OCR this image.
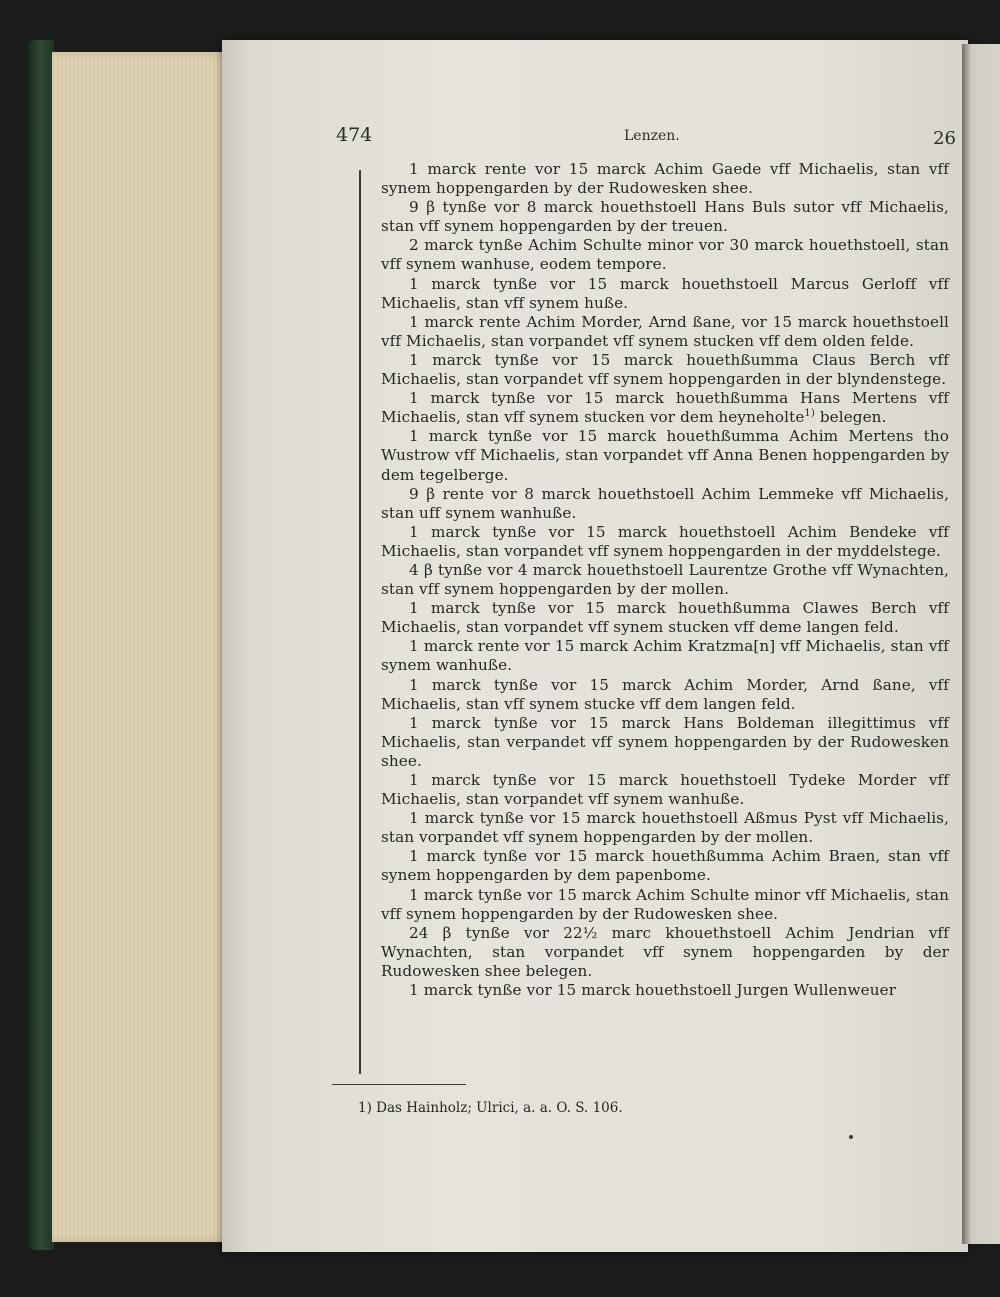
474	Lenzen.	26

1 marck rente vor 15 marck Achim Gaede vff Michaelis, stan vff synem hoppengarden by der Rudowesken shee.

9 β tynße vor 8 marck houethstoell Hans Buls sutor vff Michaelis, stan vff synem hoppengarden by der treuen.

2 marck tynße Achim Schulte minor vor 30 marck houethstoell, stan vff synem wanhuse, eodem tempore.

1 marck tynße vor 15 marck houethstoell Marcus Gerloff vff Michaelis, stan vff synem huße.

1 marck rente Achim Morder, Arnd ßane, vor 15 marck houethstoell vff Michaelis, stan vorpandet vff synem stucken vff dem olden felde.

1 marck tynße vor 15 marck houethßumma Claus Berch vff Michaelis, stan vorpandet vff synem hoppengarden in der blyndenstege.

1 marck tynße vor 15 marck houethßumma Hans Mertens vff Michaelis, stan vff synem stucken vor dem heyneholte$^{1)}$ belegen.

1 marck tynße vor 15 marck houethßumma Achim Mertens tho Wustrow vff Michaelis, stan vorpandet vff Anna Benen hoppengarden by dem tegelberge.

9 β rente vor 8 marck houethstoell Achim Lemmeke vff Michaelis, stan uff synem wanhuße.

1 marck tynße vor 15 marck houethstoell Achim Bendeke vff Michaelis, stan vorpandet vff synem hoppengarden in der myddelstege.

4 β tynße vor 4 marck houethstoell Laurentze Grothe vff Wynachten, stan vff synem hoppengarden by der mollen.

1 marck tynße vor 15 marck houethßumma Clawes Berch vff Michaelis, stan vorpandet vff synem stucken vff deme langen feld.

1 marck rente vor 15 marck Achim Kratzma[n] vff Michaelis, stan vff synem wanhuße.

1 marck tynße vor 15 marck Achim Morder, Arnd ßane, vff Michaelis, stan vff synem stucke vff dem langen feld.

1 marck tynße vor 15 marck Hans Boldeman illegittimus vff Michaelis, stan verpandet vff synem hoppengarden by der Rudowesken shee.

1 marck tynße vor 15 marck houethstoell Tydeke Morder vff Michaelis, stan vorpandet vff synem wanhuße.

1 marck tynße vor 15 marck houethstoell Aßmus Pyst vff Michaelis, stan vorpandet vff synem hoppengarden by der mollen.

1 marck tynße vor 15 marck houethßumma Achim Braen, stan vff synem hoppengarden by dem papenbome.

1 marck tynße vor 15 marck Achim Schulte minor vff Michaelis, stan vff synem hoppengarden by der Rudowesken shee.

24 β tynße vor 22½ marc khouethstoell Achim Jendrian vff Wynachten, stan vorpandet vff synem hoppengarden by der Rudowesken shee belegen.

1 marck tynße vor 15 marck houethstoell Jurgen Wullenweuer

1) Das Hainholz; Ulrici, a. a. O. S. 106.
